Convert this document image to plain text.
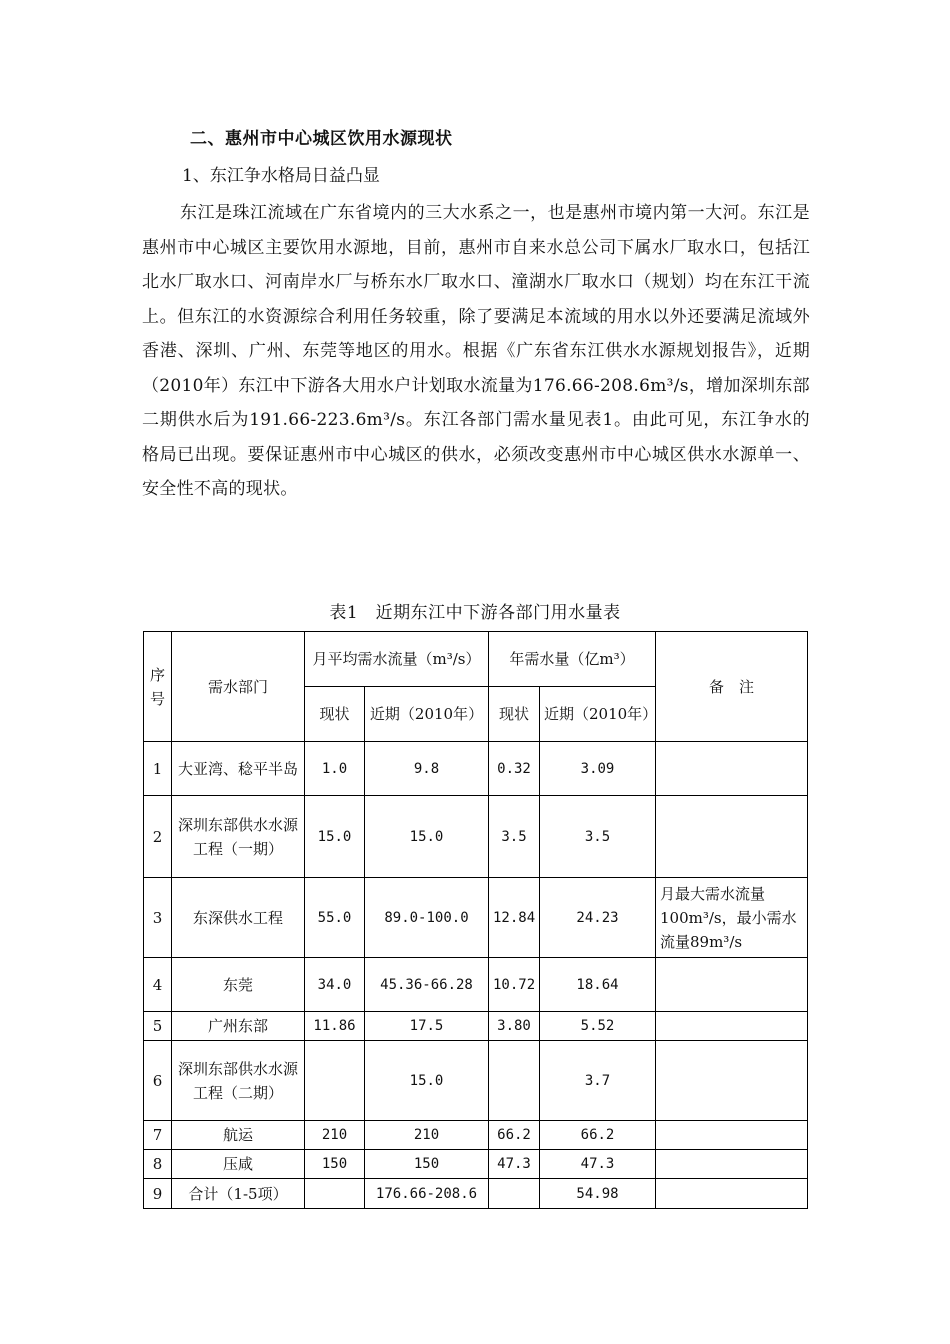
二、惠州市中心城区饮用水源现状
1、东江争水格局日益凸显
东江是珠江流域在广东省境内的三大水系之一，也是惠州市境内第一大河。东江是惠州市中心城区主要饮用水源地，目前，惠州市自来水总公司下属水厂取水口，包括江北水厂取水口、河南岸水厂与桥东水厂取水口、潼湖水厂取水口（规划）均在东江干流上。但东江的水资源综合利用任务较重，除了要满足本流域的用水以外还要满足流域外香港、深圳、广州、东莞等地区的用水。根据《广东省东江供水水源规划报告》，近期（2010年）东江中下游各大用水户计划取水流量为176.66-208.6m³/s，增加深圳东部二期供水后为191.66-223.6m³/s。东江各部门需水量见表1。由此可见，东江争水的格局已出现。要保证惠州市中心城区的供水，必须改变惠州市中心城区供水水源单一、安全性不高的现状。
表1　近期东江中下游各部门用水量表
序号	需水部门	月平均需水流量（m³/s）		年需水量（亿m³）		备　注
		现状	近期（2010年）	现状	近期（2010年）	
1	大亚湾、稔平半岛	1.0	9.8	0.32	3.09	
2	深圳东部供水水源工程（一期）	15.0	15.0	3.5	3.5	
3	东深供水工程	55.0	89.0-100.0	12.84	24.23	月最大需水流量100m³/s，最小需水流量89m³/s
4	东莞	34.0	45.36-66.28	10.72	18.64	
5	广州东部	11.86	17.5	3.80	5.52	
6	深圳东部供水水源工程（二期）		15.0		3.7	
7	航运	210	210	66.2	66.2	
8	压咸	150	150	47.3	47.3	
9	合计（1-5项）		176.66-208.6		54.98	
